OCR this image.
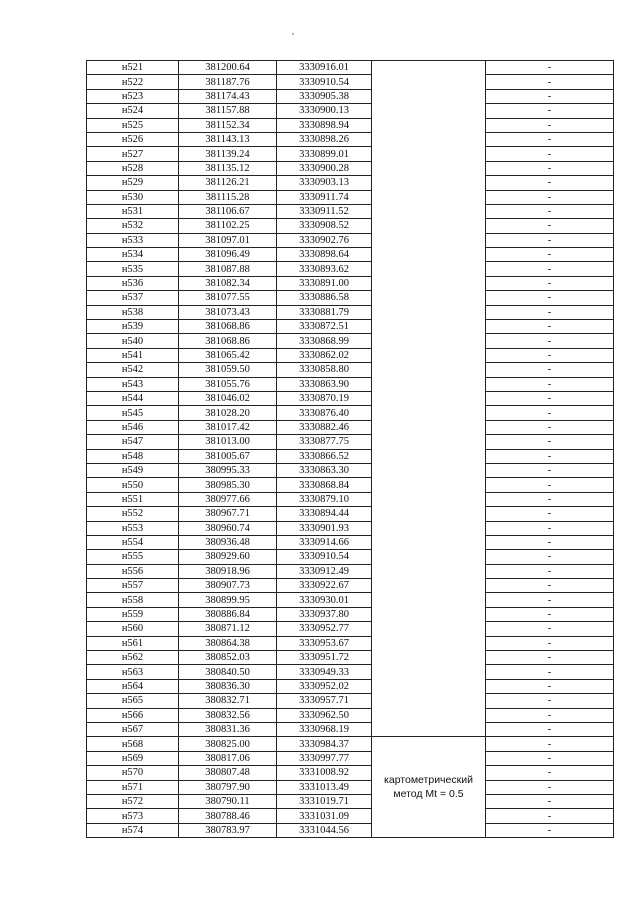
н521	381200.64	3330916.01		-
н522	381187.76	3330910.54		-
н523	381174.43	3330905.38		-
н524	381157.88	3330900.13		-
н525	381152.34	3330898.94		-
н526	381143.13	3330898.26		-
н527	381139.24	3330899.01		-
н528	381135.12	3330900.28		-
н529	381126.21	3330903.13		-
н530	381115.28	3330911.74		-
н531	381106.67	3330911.52		-
н532	381102.25	3330908.52		-
н533	381097.01	3330902.76		-
н534	381096.49	3330898.64		-
н535	381087.88	3330893.62		-
н536	381082.34	3330891.00		-
н537	381077.55	3330886.58		-
н538	381073.43	3330881.79		-
н539	381068.86	3330872.51		-
н540	381068.86	3330868.99		-
н541	381065.42	3330862.02		-
н542	381059.50	3330858.80		-
н543	381055.76	3330863.90		-
н544	381046.02	3330870.19		-
н545	381028.20	3330876.40		-
н546	381017.42	3330882.46		-
н547	381013.00	3330877.75		-
н548	381005.67	3330866.52		-
н549	380995.33	3330863.30		-
н550	380985.30	3330868.84		-
н551	380977.66	3330879.10		-
н552	380967.71	3330894.44		-
н553	380960.74	3330901.93		-
н554	380936.48	3330914.66		-
н555	380929.60	3330910.54		-
н556	380918.96	3330912.49		-
н557	380907.73	3330922.67		-
н558	380899.95	3330930.01		-
н559	380886.84	3330937.80		-
н560	380871.12	3330952.77		-
н561	380864.38	3330953.67		-
н562	380852.03	3330951.72		-
н563	380840.50	3330949.33		-
н564	380836.30	3330952.02		-
н565	380832.71	3330957.71		-
н566	380832.56	3330962.50		-
н567	380831.36	3330968.19		-
н568	380825.00	3330984.37	картометрический
метод Mt = 0.5	-
н569	380817.06	3330997.77		-
н570	380807.48	3331008.92		-
н571	380797.90	3331013.49		-
н572	380790.11	3331019.71		-
н573	380788.46	3331031.09		-
н574	380783.97	3331044.56		-
